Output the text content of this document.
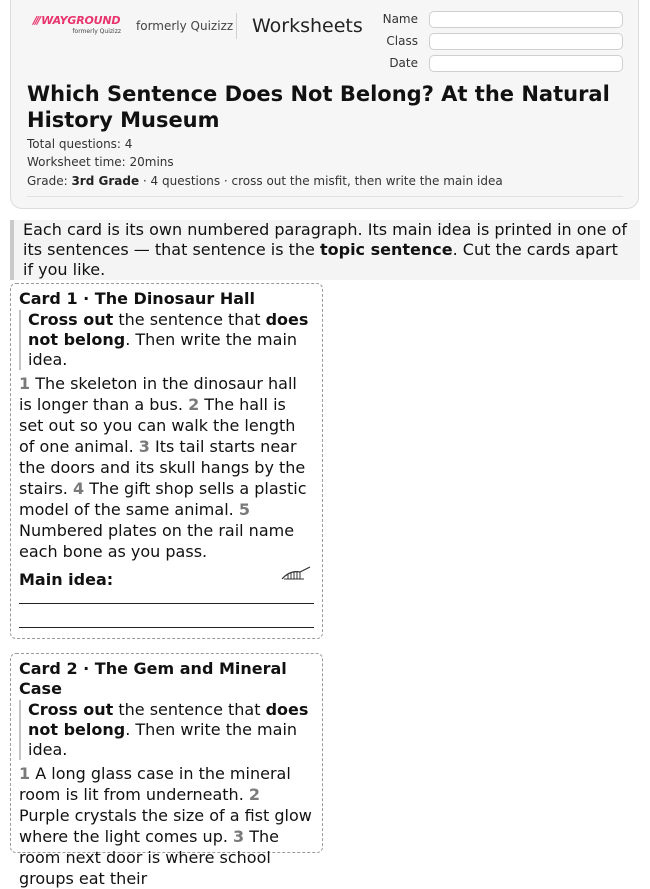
/// WAYGROUND
formerly Quizizz formerly Quizizz Worksheets	Name
Class
Date
Which Sentence Does Not Belong? At the Natural History Museum
Total questions: 4
Worksheet time: 20mins
Grade: 3rd Grade · 4 questions · cross out the misfit, then write the main idea
Each card is its own numbered paragraph. Its main idea is printed in one of its sentences — that sentence is the topic sentence. Cut the cards apart if you like.
Card 1 · The Dinosaur Hall
Cross out the sentence that does not belong. Then write the main idea.
1 The skeleton in the dinosaur hall is longer than a bus. 2 The hall is set out so you can walk the length of one animal. 3 Its tail starts near the doors and its skull hangs by the stairs. 4 The gift shop sells a plastic model of the same animal. 5 Numbered plates on the rail name each bone as you pass.
Main idea:
Card 2 · The Gem and Mineral Case
Cross out the sentence that does not belong. Then write the main idea.
1 A long glass case in the mineral room is lit from underneath. 2 Purple crystals the size of a fist glow where the light comes up. 3 The room next door is where school groups eat their
